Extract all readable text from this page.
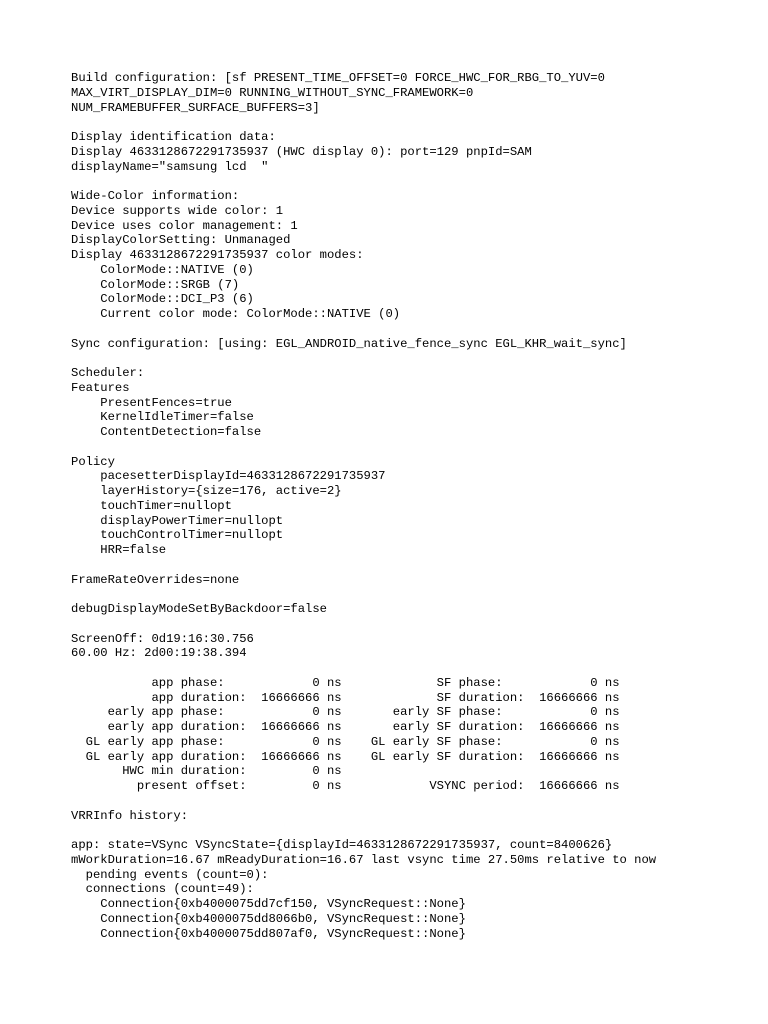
Build configuration: [sf PRESENT_TIME_OFFSET=0 FORCE_HWC_FOR_RBG_TO_YUV=0
MAX_VIRT_DISPLAY_DIM=0 RUNNING_WITHOUT_SYNC_FRAMEWORK=0
NUM_FRAMEBUFFER_SURFACE_BUFFERS=3]
Display identification data:
Display 4633128672291735937 (HWC display 0): port=129 pnpId=SAM
displayName="samsung lcd  "
Wide-Color information:
Device supports wide color: 1
Device uses color management: 1
DisplayColorSetting: Unmanaged
Display 4633128672291735937 color modes:
ColorMode::NATIVE (0)
ColorMode::SRGB (7)
ColorMode::DCI_P3 (6)
Current color mode: ColorMode::NATIVE (0)
Sync configuration: [using: EGL_ANDROID_native_fence_sync EGL_KHR_wait_sync]
Scheduler:
Features
PresentFences=true
KernelIdleTimer=false
ContentDetection=false
Policy
pacesetterDisplayId=4633128672291735937
layerHistory={size=176, active=2}
touchTimer=nullopt
displayPowerTimer=nullopt
touchControlTimer=nullopt
HRR=false
FrameRateOverrides=none
debugDisplayModeSetByBackdoor=false
ScreenOff: 0d19:16:30.756
60.00 Hz: 2d00:19:38.394
app phase:            0 ns             SF phase:            0 ns
app duration:  16666666 ns             SF duration:  16666666 ns
early app phase:            0 ns       early SF phase:            0 ns
early app duration:  16666666 ns       early SF duration:  16666666 ns
GL early app phase:            0 ns    GL early SF phase:            0 ns
GL early app duration:  16666666 ns    GL early SF duration:  16666666 ns
HWC min duration:         0 ns
present offset:         0 ns            VSYNC period:  16666666 ns
VRRInfo history:
app: state=VSync VSyncState={displayId=4633128672291735937, count=8400626}
mWorkDuration=16.67 mReadyDuration=16.67 last vsync time 27.50ms relative to now
pending events (count=0):
connections (count=49):
Connection{0xb4000075dd7cf150, VSyncRequest::None}
Connection{0xb4000075dd8066b0, VSyncRequest::None}
Connection{0xb4000075dd807af0, VSyncRequest::None}
